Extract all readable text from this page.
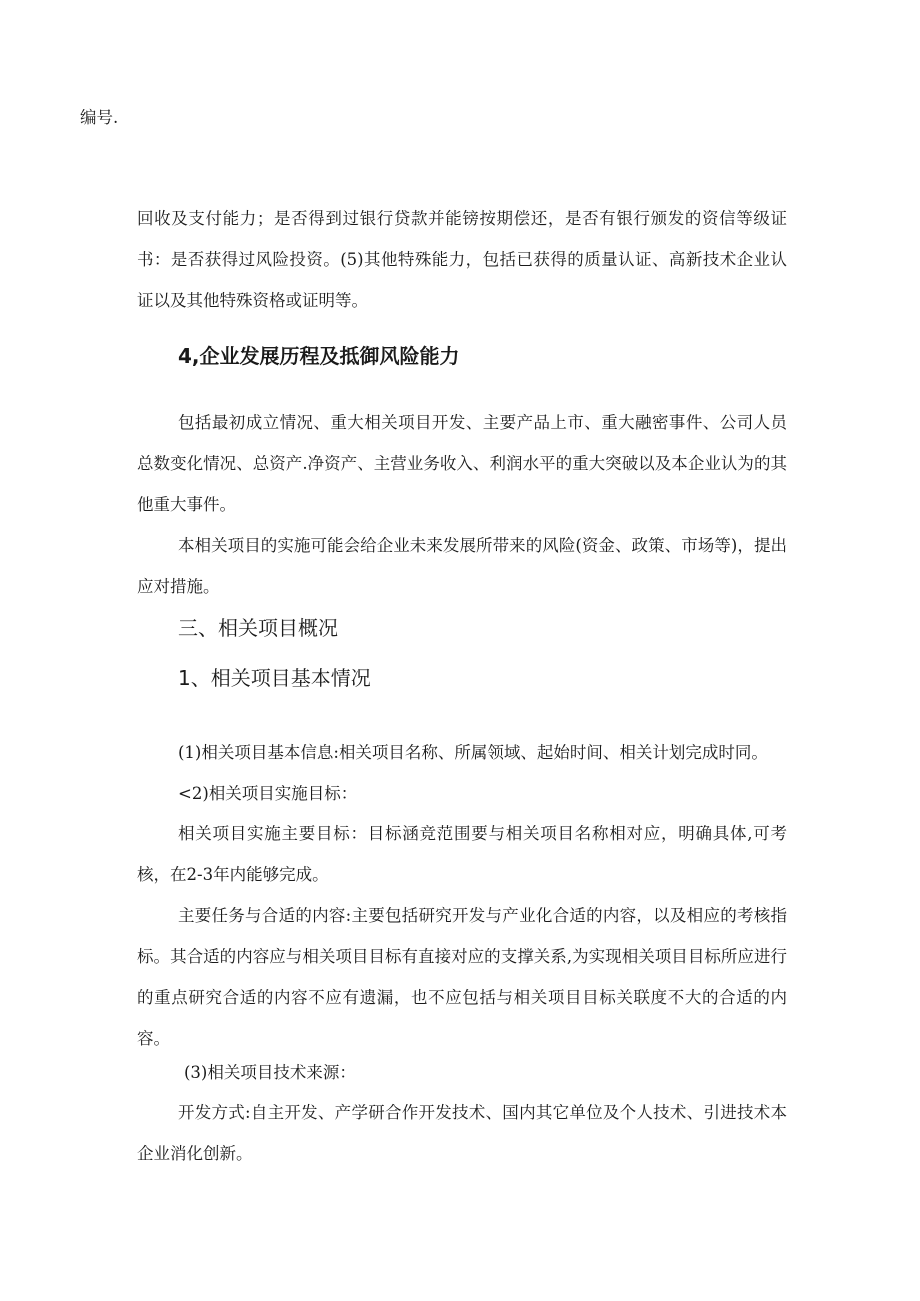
编号.
回收及支付能力；是否得到过银行贷款并能镑按期偿还，是否有银行颁发的资信等级证书：是否获得过风险投资。(5)其他特殊能力，包括已获得的质量认证、高新技术企业认证以及其他特殊资格或证明等。
4,企业发展历程及抵御风险能力
包括最初成立情况、重大相关项目开发、主要产品上市、重大融密事件、公司人员总数变化情况、总资产.净资产、主营业务收入、利润水平的重大突破以及本企业认为的其他重大事件。
本相关项目的实施可能会给企业未来发展所带来的风险(资金、政策、市场等)，提出应对措施。
三、相关项目概况
1、相关项目基本情况
(1)相关项目基本信息:相关项目名称、所属领域、起始时间、相关计划完成时同。
<2)相关项目实施目标：
相关项目实施主要目标：目标涵竞范围要与相关项目名称相对应，明确具体,可考核，在2-3年内能够完成。
主要任务与合适的内容:主要包括研究开发与产业化合适的内容，以及相应的考核指标。其合适的内容应与相关项目目标有直接对应的支撑关系,为实现相关项目目标所应进行的重点研究合适的内容不应有遗漏，也不应包括与相关项目目标关联度不大的合适的内容。
(3)相关项目技术来源：
开发方式:自主开发、产学研合作开发技术、国内其它单位及个人技术、引进技术本企业消化创新。
